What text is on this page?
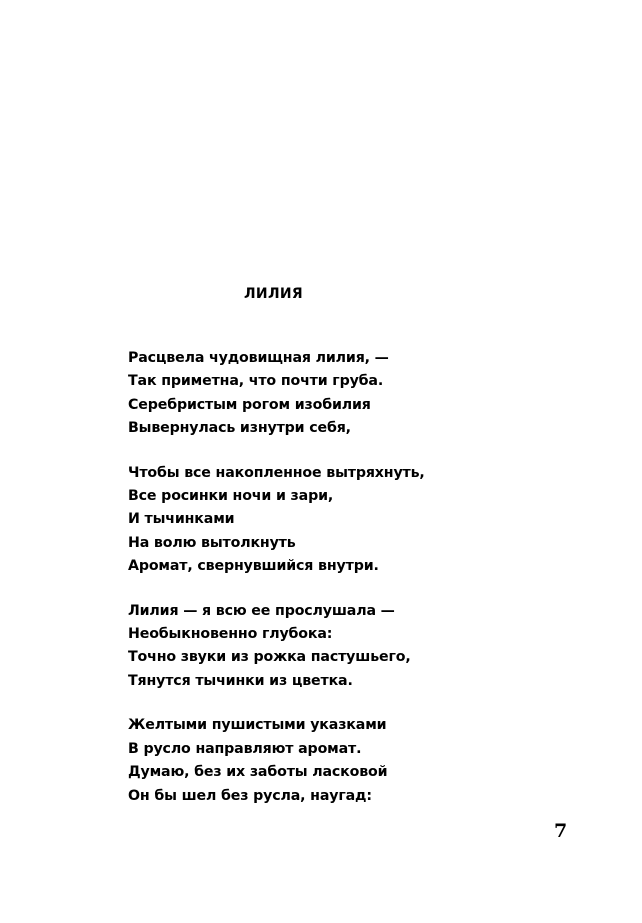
ЛИЛИЯ
Расцвела чудовищная лилия, —
Так приметна, что почти груба.
Серебристым рогом изобилия
Вывернулась изнутри себя,
Чтобы все накопленное вытряхнуть,
Все росинки ночи и зари,
И тычинками
На волю вытолкнуть
Аромат, свернувшийся внутри.
Лилия — я всю ее прослушала —
Необыкновенно глубока:
Точно звуки из рожка пастушьего,
Тянутся тычинки из цветка.
Желтыми пушистыми указками
В русло направляют аромат.
Думаю, без их заботы ласковой
Он бы шел без русла, наугад:
7
